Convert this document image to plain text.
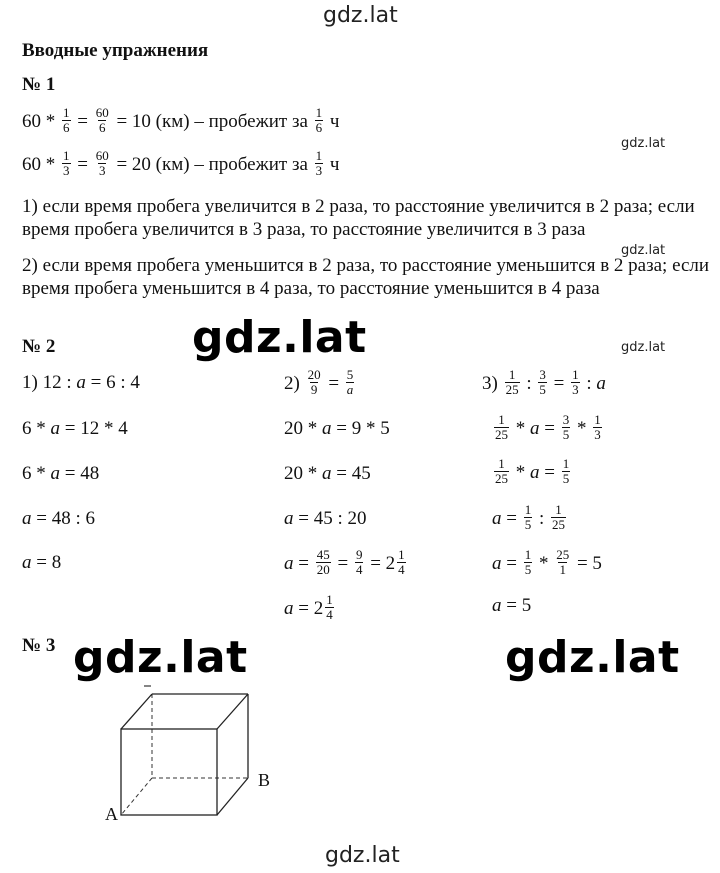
gdz.lat
gdz.lat
gdz.lat
gdz.lat
gdz.lat
gdz.lat	gdz.lat
gdz.lat
Вводные упражнения
№ 1
$60 * \frac{1}{6} = \frac{60}{6} = 10$ (км) – пробежит за $\frac{1}{6}$ ч
$60 * \frac{1}{3} = \frac{60}{3} = 20$ (км) – пробежит за $\frac{1}{3}$ ч
1) если время пробега увеличится в 2 раза, то расстояние увеличится в 2 раза; если время пробега увеличится в 3 раза, то расстояние увеличится в 3 раза
2) если время пробега уменьшится в 2 раза, то расстояние уменьшится в 2 раза; если время пробега уменьшится в 4 раза, то расстояние уменьшится в 4 раза
№ 2
1) 12 : a = 6 : 4
6 * a = 12 * 4
6 * a = 48
a = 48 : 6
a = 8
$2) \frac{20}{9} = \frac{5}{a}$
20 * a = 9 * 5
20 * a = 45
a = 45 : 20
$a = \frac{45}{20} = \frac{9}{4} = 2 \frac{1}{4}$
$a = 2 \frac{1}{4}$
$3) \frac{1}{25}$ : $\frac{3}{5} = \frac{1}{3}$ : a
$\frac{1}{25} * a = \frac{3}{5} * \frac{1}{3}$
$\frac{1}{25} * a = \frac{1}{5}$
$a = \frac{1}{5}$ : $\frac{1}{25}$
$a = \frac{1}{5} * \frac{25}{1} = 5$
a = 5
№ 3
A
B
